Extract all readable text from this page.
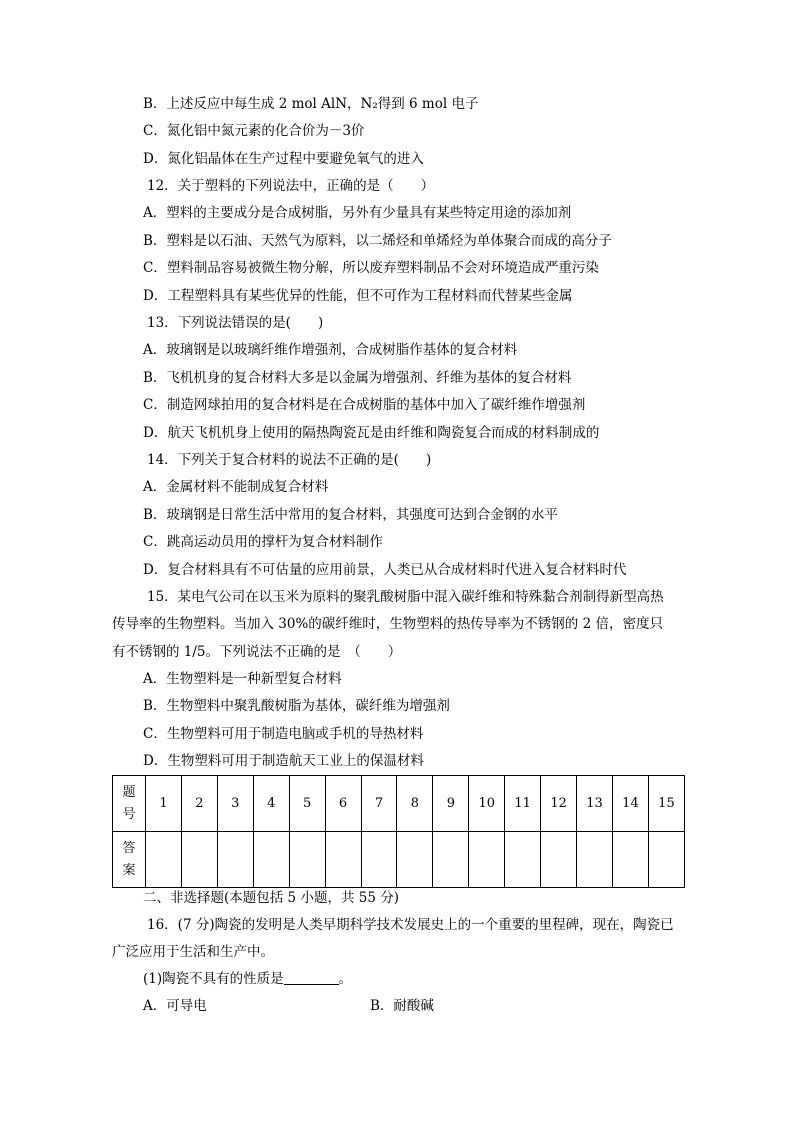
B．上述反应中每生成 2 mol AlN，N₂得到 6 mol 电子
C．氮化铝中氮元素的化合价为－3价
D．氮化铝晶体在生产过程中要避免氧气的进入
12．关于塑料的下列说法中，正确的是（　　）
A．塑料的主要成分是合成树脂，另外有少量具有某些特定用途的添加剂
B．塑料是以石油、天然气为原料，以二烯烃和单烯烃为单体聚合而成的高分子
C．塑料制品容易被微生物分解，所以废弃塑料制品不会对环境造成严重污染
D．工程塑料具有某些优异的性能，但不可作为工程材料而代替某些金属
13．下列说法错误的是(　　)
A．玻璃钢是以玻璃纤维作增强剂，合成树脂作基体的复合材料
B．飞机机身的复合材料大多是以金属为增强剂、纤维为基体的复合材料
C．制造网球拍用的复合材料是在合成树脂的基体中加入了碳纤维作增强剂
D．航天飞机机身上使用的隔热陶瓷瓦是由纤维和陶瓷复合而成的材料制成的
14．下列关于复合材料的说法不正确的是(　　)
A．金属材料不能制成复合材料
B．玻璃钢是日常生活中常用的复合材料，其强度可达到合金钢的水平
C．跳高运动员用的撑杆为复合材料制作
D．复合材料具有不可估量的应用前景，人类已从合成材料时代进入复合材料时代
15．某电气公司在以玉米为原料的聚乳酸树脂中混入碳纤维和特殊黏合剂制得新型高热
传导率的生物塑料。当加入 30%的碳纤维时，生物塑料的热传导率为不锈钢的 2 倍，密度只
有不锈钢的 1/5。下列说法不正确的是　（　　）
A．生物塑料是一种新型复合材料
B．生物塑料中聚乳酸树脂为基体，碳纤维为增强剂
C．生物塑料可用于制造电脑或手机的导热材料
D．生物塑料可用于制造航天工业上的保温材料
题
号	1	2	3	4	5	6	7	8	9	10	11	12	13	14	15

答
案															

二、非选择题(本题包括 5 小题，共 55 分)
16．(7 分)陶瓷的发明是人类早期科学技术发展史上的一个重要的里程碑，现在，陶瓷已
广泛应用于生活和生产中。
(1)陶瓷不具有的性质是	。
A．可导电	B．耐酸碱
